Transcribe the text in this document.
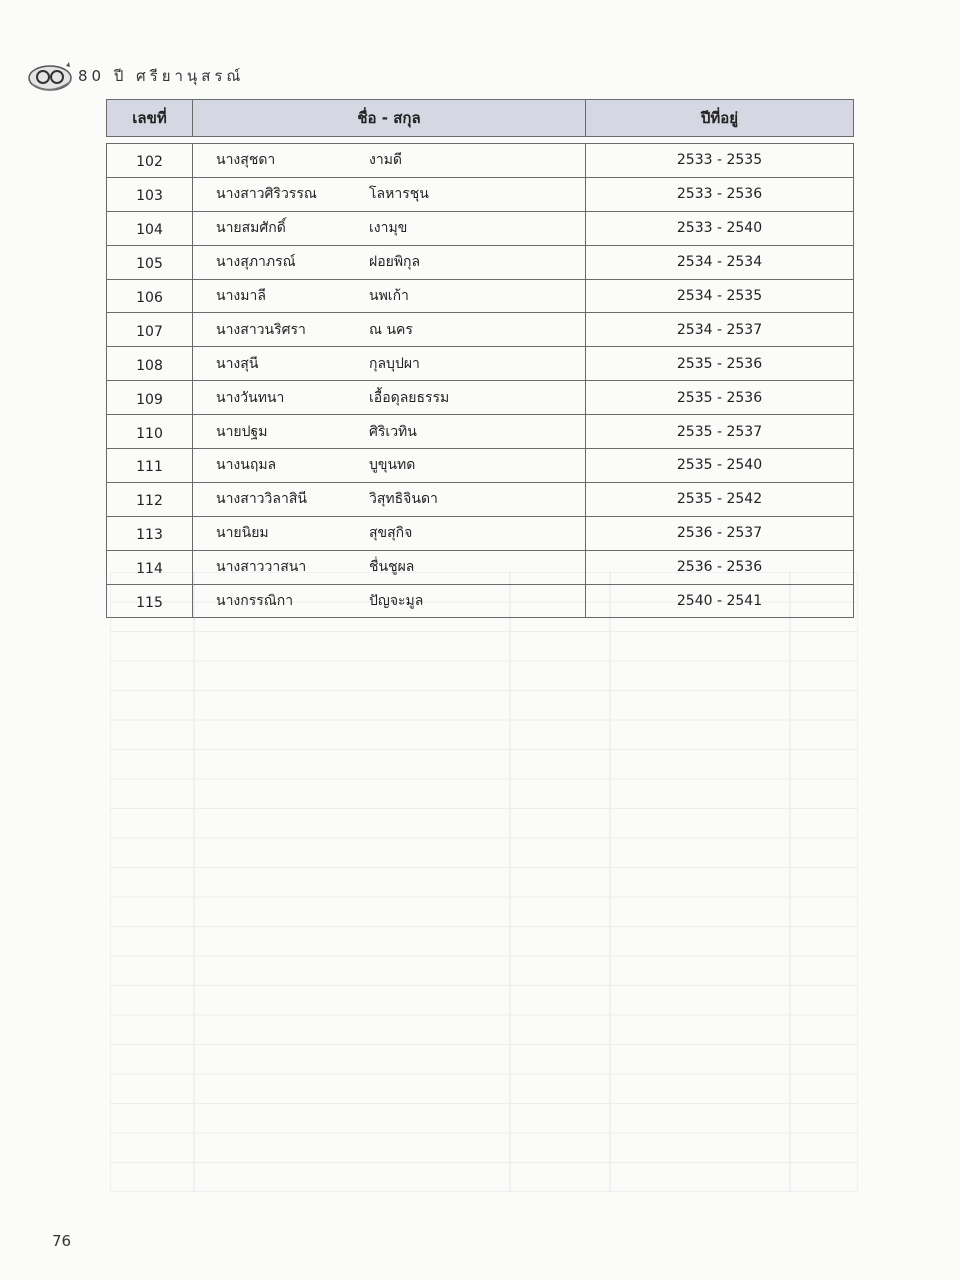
80 ปี ศรียานุสรณ์
เลขที่	ชื่อ - สกุล	ปีที่อยู่
102	นางสุชดา งามดี	2533 - 2535
103	นางสาวศิริวรรณ โลหารชุน	2533 - 2536
104	นายสมศักดิ์ เงามุข	2533 - 2540
105	นางสุภาภรณ์ ฝอยพิกุล	2534 - 2534
106	นางมาลี นพเก้า	2534 - 2535
107	นางสาวนริศรา ณ นคร	2534 - 2537
108	นางสุนี กุลบุปผา	2535 - 2536
109	นางวันทนา เอื้อดุลยธรรม	2535 - 2536
110	นายปฐม ศิริเวทิน	2535 - 2537
111	นางนฤมล บูขุนทด	2535 - 2540
112	นางสาววิลาสินี วิสุทธิจินดา	2535 - 2542
113	นายนิยม สุขสุกิจ	2536 - 2537
114	นางสาววาสนา ชื่นชูผล	2536 - 2536
115	นางกรรณิกา ปัญจะมูล	2540 - 2541
76
